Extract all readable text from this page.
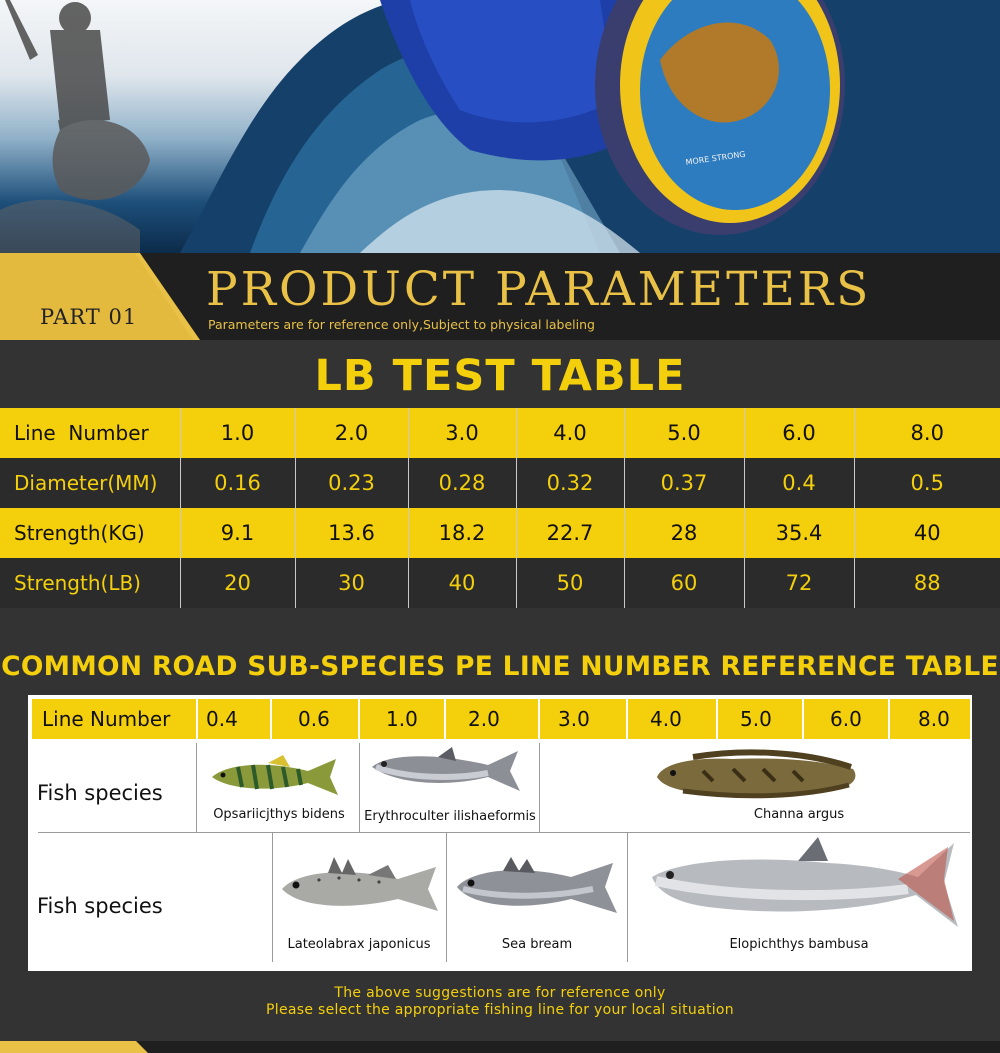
MORE STRONG
PART 01 PRODUCT PARAMETERS
Parameters are for reference only,Subject to physical labeling
LB TEST TABLE
Line  Number	1.0	2.0	3.0	4.0	5.0	6.0	8.0
Diameter(MM)	0.16	0.23	0.28	0.32	0.37	0.4	0.5
Strength(KG)	9.1	13.6	18.2	22.7	28	35.4	40
Strength(LB)	20	30	40	50	60	72	88
COMMON ROAD SUB-SPECIES PE LINE NUMBER REFERENCE TABLE
Line Number	0.4	0.6	1.0	2.0	3.0	4.0	5.0	6.0	8.0
Fish species
Opsariicjthys bidens	Erythroculter ilishaeformis	Channa argus
Fish species
Lateolabrax japonicus	Sea bream	Elopichthys bambusa
The above suggestions are for reference only
Please select the appropriate fishing line for your local situation
